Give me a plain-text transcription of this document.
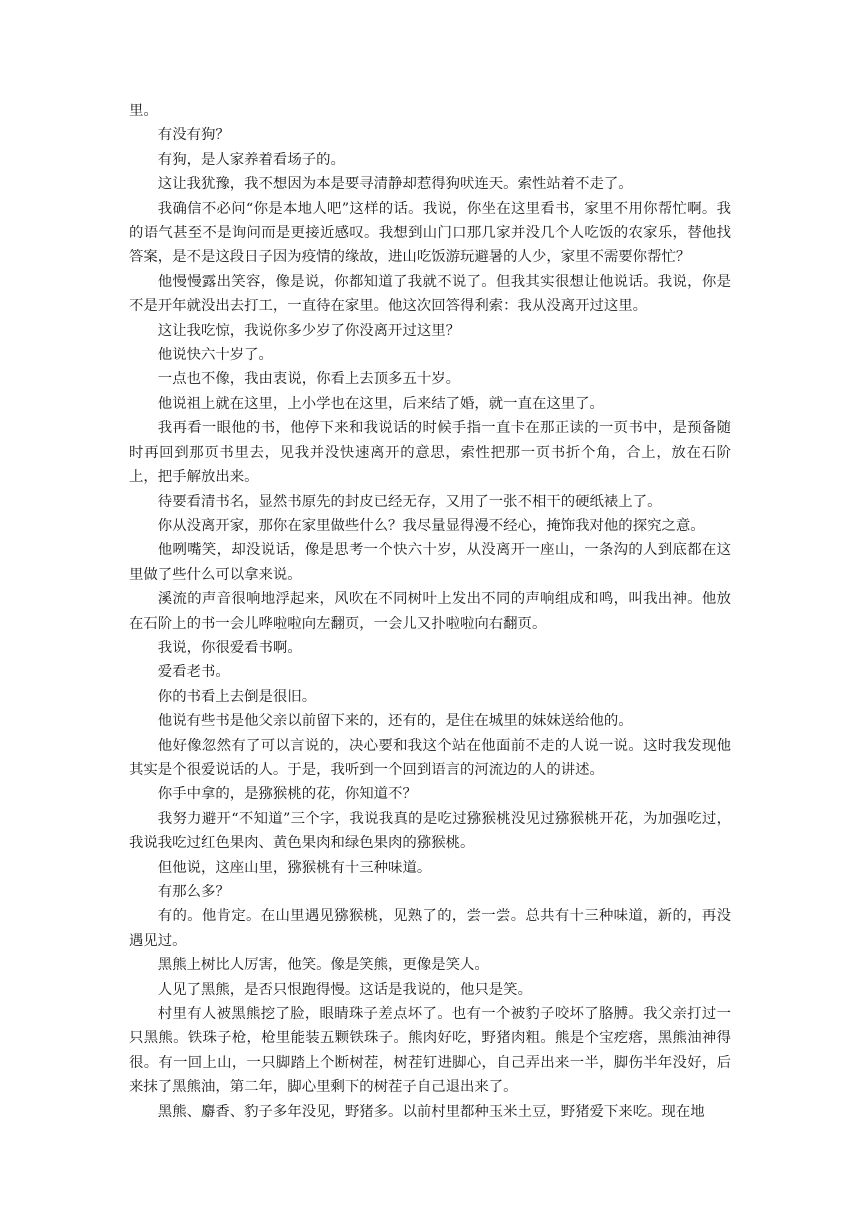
里。

有没有狗？

有狗，是人家养着看场子的。

这让我犹豫，我不想因为本是要寻清静却惹得狗吠连天。索性站着不走了。

我确信不必问“你是本地人吧”这样的话。我说，你坐在这里看书，家里不用你帮忙啊。我的语气甚至不是询问而是更接近感叹。我想到山门口那几家并没几个人吃饭的农家乐，替他找答案，是不是这段日子因为疫情的缘故，进山吃饭游玩避暑的人少，家里不需要你帮忙？

他慢慢露出笑容，像是说，你都知道了我就不说了。但我其实很想让他说话。我说，你是不是开年就没出去打工，一直待在家里。他这次回答得利索：我从没离开过这里。

这让我吃惊，我说你多少岁了你没离开过这里？

他说快六十岁了。

一点也不像，我由衷说，你看上去顶多五十岁。

他说祖上就在这里，上小学也在这里，后来结了婚，就一直在这里了。

我再看一眼他的书，他停下来和我说话的时候手指一直卡在那正读的一页书中，是预备随时再回到那页书里去，见我并没快速离开的意思，索性把那一页书折个角，合上，放在石阶上，把手解放出来。

待要看清书名，显然书原先的封皮已经无存，又用了一张不相干的硬纸裱上了。

你从没离开家，那你在家里做些什么？我尽量显得漫不经心，掩饰我对他的探究之意。

他咧嘴笑，却没说话，像是思考一个快六十岁，从没离开一座山，一条沟的人到底都在这里做了些什么可以拿来说。

溪流的声音很响地浮起来，风吹在不同树叶上发出不同的声响组成和鸣，叫我出神。他放在石阶上的书一会儿哗啦啦向左翻页，一会儿又扑啦啦向右翻页。

我说，你很爱看书啊。

爱看老书。

你的书看上去倒是很旧。

他说有些书是他父亲以前留下来的，还有的，是住在城里的妹妹送给他的。

他好像忽然有了可以言说的，决心要和我这个站在他面前不走的人说一说。这时我发现他其实是个很爱说话的人。于是，我听到一个回到语言的河流边的人的讲述。

你手中拿的，是猕猴桃的花，你知道不？

我努力避开“不知道”三个字，我说我真的是吃过猕猴桃没见过猕猴桃开花，为加强吃过，我说我吃过红色果肉、黄色果肉和绿色果肉的猕猴桃。

但他说，这座山里，猕猴桃有十三种味道。

有那么多？

有的。他肯定。在山里遇见猕猴桃，见熟了的，尝一尝。总共有十三种味道，新的，再没遇见过。

黑熊上树比人厉害，他笑。像是笑熊，更像是笑人。

人见了黑熊，是否只恨跑得慢。这话是我说的，他只是笑。

村里有人被黑熊挖了脸，眼睛珠子差点坏了。也有一个被豹子咬坏了胳膊。我父亲打过一只黑熊。铁珠子枪，枪里能装五颗铁珠子。熊肉好吃，野猪肉粗。熊是个宝疙瘩，黑熊油神得很。有一回上山，一只脚踏上个断树茬，树茬钉进脚心，自己弄出来一半，脚伤半年没好，后来抹了黑熊油，第二年，脚心里剩下的树茬子自己退出来了。

黑熊、麝香、豹子多年没见，野猪多。以前村里都种玉米土豆，野猪爱下来吃。现在地
